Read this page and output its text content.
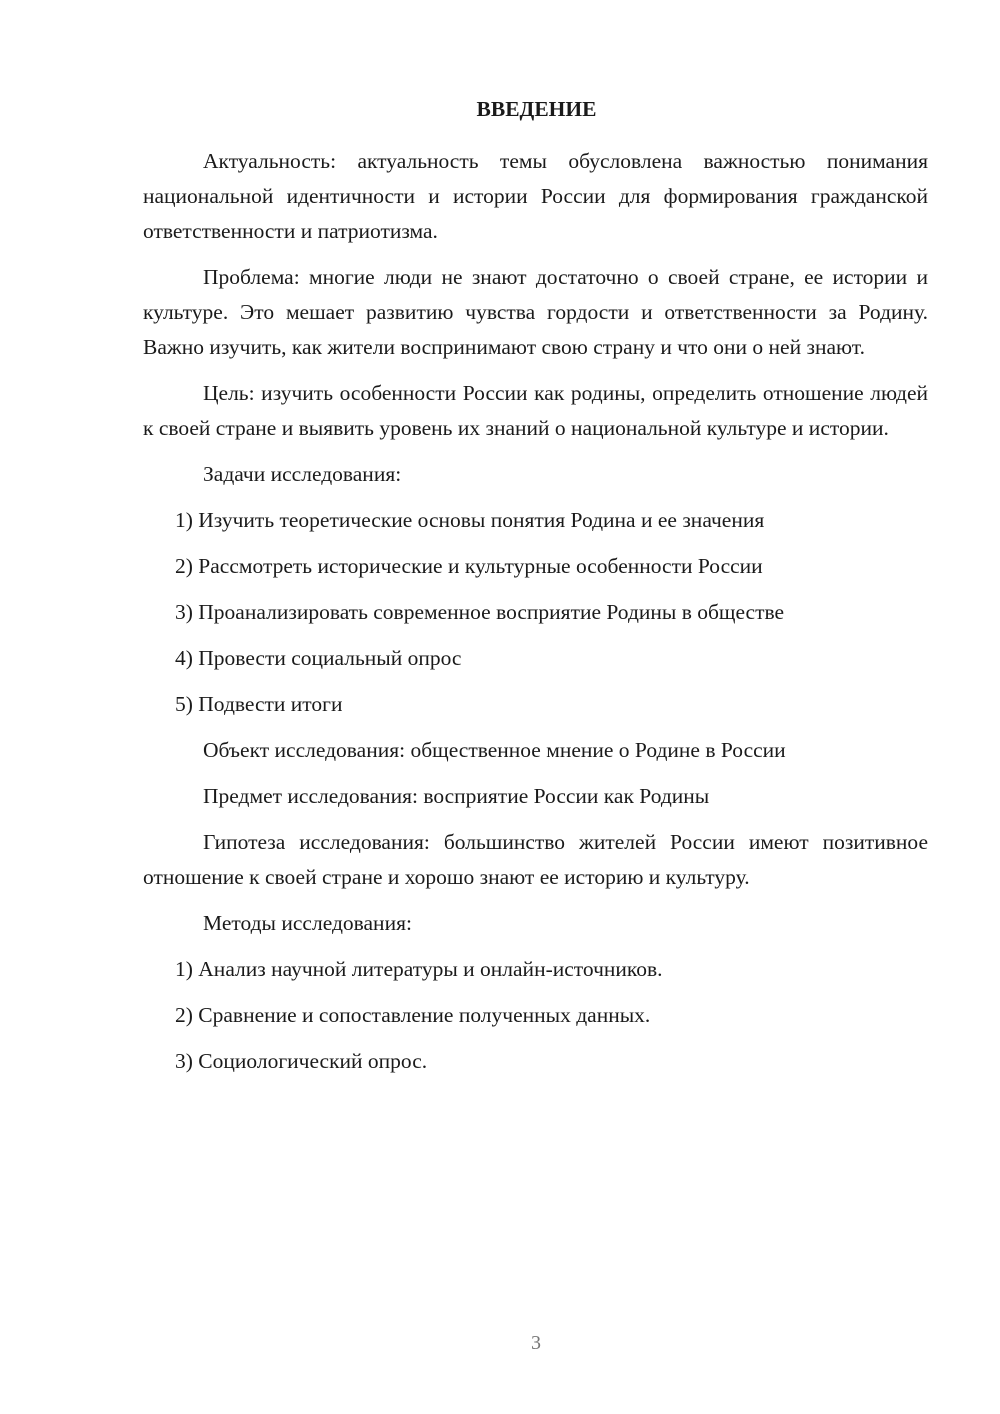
ВВЕДЕНИЕ

Актуальность: актуальность темы обусловлена важностью понимания национальной идентичности и истории России для формирования гражданской ответственности и патриотизма.

Проблема: многие люди не знают достаточно о своей стране, ее истории и культуре. Это мешает развитию чувства гордости и ответственности за Родину. Важно изучить, как жители воспринимают свою страну и что они о ней знают.

Цель: изучить особенности России как родины, определить отношение людей к своей стране и выявить уровень их знаний о национальной культуре и истории.

Задачи исследования:

1) Изучить теоретические основы понятия Родина и ее значения
2) Рассмотреть исторические и культурные особенности России
3) Проанализировать современное восприятие Родины в обществе
4) Провести социальный опрос
5) Подвести итоги

Объект исследования: общественное мнение о Родине в России

Предмет исследования: восприятие России как Родины

Гипотеза исследования: большинство жителей России имеют позитивное отношение к своей стране и хорошо знают ее историю и культуру.

Методы исследования:

1) Анализ научной литературы и онлайн-источников.
2) Сравнение и сопоставление полученных данных.
3) Социологический опрос.
3
